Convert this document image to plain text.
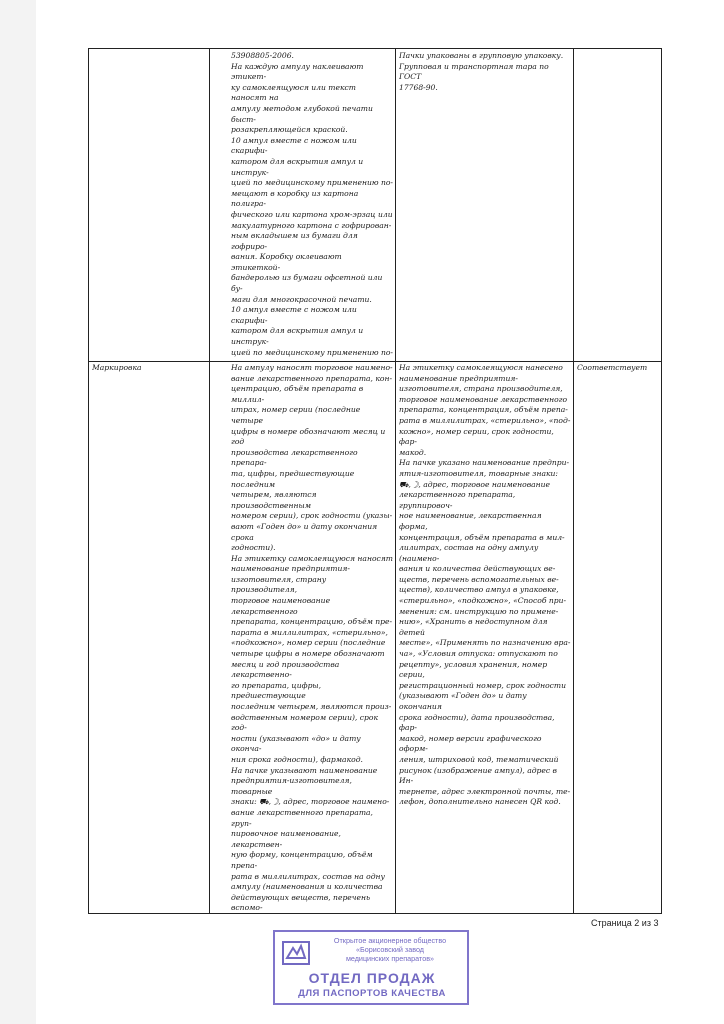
53908805-2006.
На каждую ампулу наклеивают этикет-
ку самоклеящуюся или текст наносят на
ампулу методом глубокой печати быст-
розакрепляющейся краской.
10 ампул вместе с ножом или скарифи-
катором для вскрытия ампул и инструк-
цией по медицинскому применению по-
мещают в коробку из картона полигра-
фического или картона хром-эрзац или
макулатурного картона с гофрирован-
ным вкладышем из бумаги для гофриро-
вания. Коробку оклеивают этикеткой-
бандеролью из бумаги офсетной или бу-
маги для многокрасочной печати.
10 ампул вместе с ножом или скарифи-
катором для вскрытия ампул и инструк-
цией по медицинскому применению по-

Пачки упакованы в групповую упаковку.
Групповая и транспортная тара по ГОСТ
17768-90.
Маркировка	На ампулу наносят торговое наимено-
вание лекарственного препарата, кон-
центрацию, объём препарата в миллил-
итрах, номер серии (последние четыре
цифры в номере обозначают месяц и год
производства лекарственного препара-
та, цифры, предшествующие последним
четырем, являются производственным
номером серии), срок годности (указы-
вают «Годен до» и дату окончания срока
годности).
На этикетку самоклеящуюся наносят
наименование предприятия-
изготовителя, страну производителя,
торговое наименование лекарственного
препарата, концентрацию, объём пре-
парата в миллилитрах, «стерильно»,
«подкожно», номер серии (последние
четыре цифры в номере обозначают
месяц и год производства лекарственно-
го препарата, цифры, предшествующие
последним четырем, являются произ-
водственным номером серии), срок год-
ности (указывают «до» и дату оконча-
ния срока годности), фармакод.
На пачке указывают наименование
предприятия-изготовителя, товарные
знаки: ⛟, ☽, адрес, торговое наимено-
вание лекарственного препарата, груп-
пировочное наименование, лекарствен-
ную форму, концентрацию, объём препа-
рата в миллилитрах, состав на одну
ампулу (наименования и количества
действующих веществ, перечень вспомо-

На этикетку самоклеящуюся нанесено
наименование предприятия-
изготовителя, страна производителя,
торговое наименование лекарственного
препарата, концентрация, объём препа-
рата в миллилитрах, «стерильно», «под-
кожно», номер серии, срок годности, фар-
макод.
На пачке указано наименование предпри-
ятия-изготовителя, товарные знаки:
⛟, ☽, адрес, торговое наименование
лекарственного препарата, группировоч-
ное наименование, лекарственная форма,
концентрация, объём препарата в мил-
лилитрах, состав на одну ампулу (наимено-
вания и количества действующих ве-
ществ, перечень вспомогательных ве-
ществ), количество ампул в упаковке,
«стерильно», «подкожно», «Способ при-
менения: см. инструкцию по примене-
нию», «Хранить в недоступном для детей
месте», «Применять по назначению вра-
ча», «Условия отпуска: отпускают по
рецепту», условия хранения, номер серии,
регистрационный номер, срок годности
(указывают «Годен до» и дату окончания
срока годности), дата производства, фар-
макод, номер версии графического оформ-
ления, штриховой код, тематический
рисунок (изображение ампул), адрес в Ин-
тернете, адрес электронной почты, те-
лефон, дополнительно нанесен QR код.
Соответствует
Страница 2 из 3
Открытое акционерное общество
«Борисовский завод
медицинских препаратов»
ОТДЕЛ ПРОДАЖ
ДЛЯ ПАСПОРТОВ КАЧЕСТВА
